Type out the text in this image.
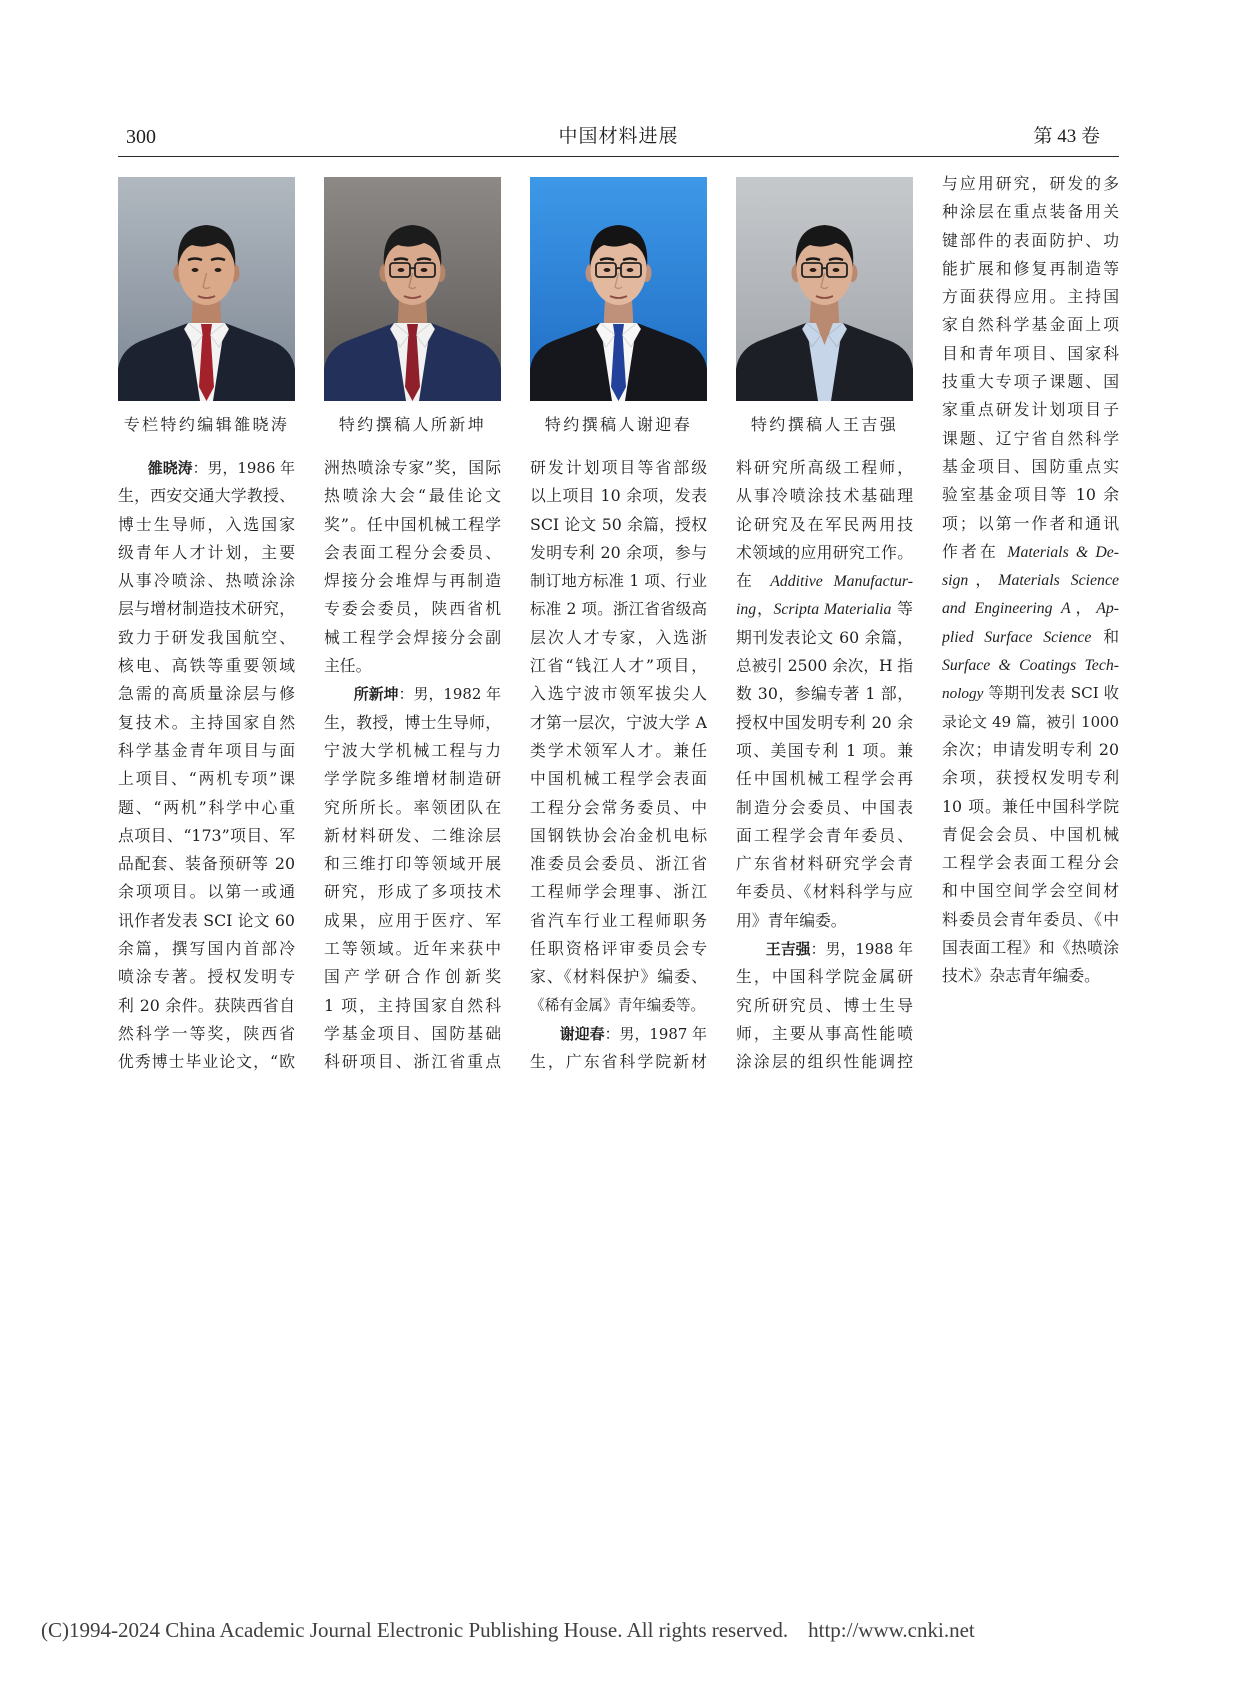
300	中国材料进展	第 43 卷
专栏特约编辑雒晓涛	特约撰稿人所新坤	特约撰稿人谢迎春	特约撰稿人王吉强
雒晓涛：男，1986 年
生，西安交通大学教授、
博士生导师，入选国家
级青年人才计划，主要
从事冷喷涂、热喷涂涂
层与增材制造技术研究，
致力于研发我国航空、
核电、高铁等重要领域
急需的高质量涂层与修
复技术。主持国家自然
科学基金青年项目与面
上项目、“两机专项”课
题、“两机”科学中心重
点项目、“173”项目、军
品配套、装备预研等 20
余项项目。以第一或通
讯作者发表 SCI 论文 60
余篇，撰写国内首部冷
喷涂专著。授权发明专
利 20 余件。获陕西省自
然科学一等奖，陕西省
优秀博士毕业论文，“欧
洲热喷涂专家”奖，国际
热喷涂大会“最佳论文
奖”。任中国机械工程学
会表面工程分会委员、
焊接分会堆焊与再制造
专委会委员，陕西省机
械工程学会焊接分会副
主任。
所新坤：男，1982 年
生，教授，博士生导师，
宁波大学机械工程与力
学学院多维增材制造研
究所所长。率领团队在
新材料研发、二维涂层
和三维打印等领域开展
研究，形成了多项技术
成果，应用于医疗、军
工等领域。近年来获中
国产学研合作创新奖
1 项，主持国家自然科
学基金项目、国防基础
科研项目、浙江省重点
研发计划项目等省部级
以上项目 10 余项，发表
SCI 论文 50 余篇，授权
发明专利 20 余项，参与
制订地方标准 1 项、行业
标准 2 项。浙江省省级高
层次人才专家，入选浙
江省“钱江人才”项目，
入选宁波市领军拔尖人
才第一层次，宁波大学 A
类学术领军人才。兼任
中国机械工程学会表面
工程分会常务委员、中
国钢铁协会冶金机电标
准委员会委员、浙江省
工程师学会理事、浙江
省汽车行业工程师职务
任职资格评审委员会专
家、《材料保护》编委、
《稀有金属》青年编委等。
谢迎春：男，1987 年
生，广东省科学院新材
料研究所高级工程师，
从事冷喷涂技术基础理
论研究及在军民两用技
术领域的应用研究工作。
在 Additive Manufactur-
ing，Scripta Materialia 等
期刊发表论文 60 余篇，
总被引 2500 余次，H 指
数 30，参编专著 1 部，
授权中国发明专利 20 余
项、美国专利 1 项。兼
任中国机械工程学会再
制造分会委员、中国表
面工程学会青年委员、
广东省材料研究学会青
年委员、《材料科学与应
用》青年编委。
王吉强：男，1988 年
生，中国科学院金属研
究所研究员、博士生导
师，主要从事高性能喷
涂涂层的组织性能调控
与应用研究，研发的多
种涂层在重点装备用关
键部件的表面防护、功
能扩展和修复再制造等
方面获得应用。主持国
家自然科学基金面上项
目和青年项目、国家科
技重大专项子课题、国
家重点研发计划项目子
课题、辽宁省自然科学
基金项目、国防重点实
验室基金项目等 10 余
项；以第一作者和通讯
作者在 Materials & De-
sign，Materials Science
and Engineering A，Ap-
plied Surface Science 和
Surface & Coatings Tech-
nology 等期刊发表 SCI 收
录论文 49 篇，被引 1000
余次；申请发明专利 20
余项，获授权发明专利
10 项。兼任中国科学院
青促会会员、中国机械
工程学会表面工程分会
和中国空间学会空间材
料委员会青年委员、《中
国表面工程》和《热喷涂
技术》杂志青年编委。
(C)1994-2024 China Academic Journal Electronic Publishing House. All rights reserved. http://www.cnki.net
